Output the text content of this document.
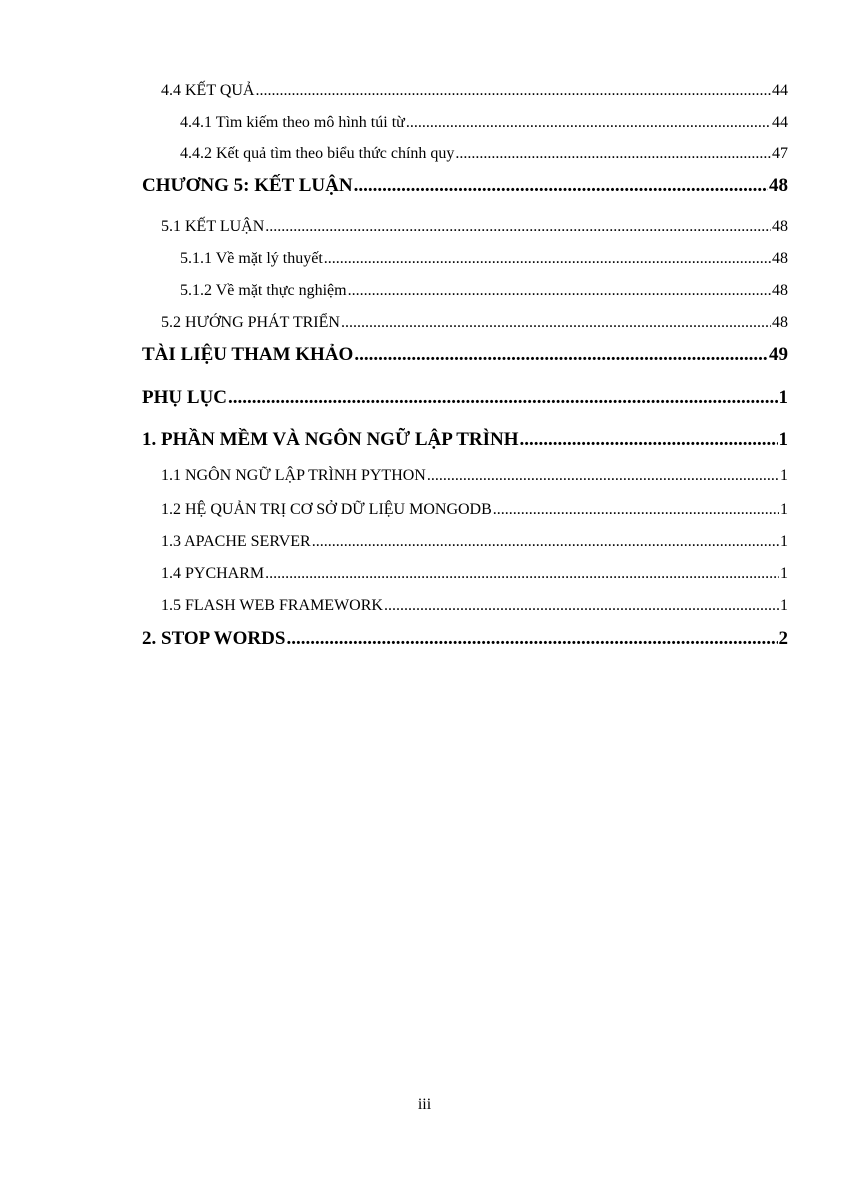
4.4 KẾT QUẢ .....	44
4.4.1 Tìm kiếm theo mô hình túi từ .....	44
4.4.2 Kết quả tìm theo biểu thức chính quy .....	47
CHƯƠNG 5: KẾT LUẬN .....	48
5.1 KẾT LUẬN .....	48
5.1.1 Về mặt lý thuyết .....	48
5.1.2 Về mặt thực nghiệm .....	48
5.2 HƯỚNG PHÁT TRIỂN .....	48
TÀI LIỆU THAM KHẢO .....	49
PHỤ LỤC .....	1
1. PHẦN MỀM VÀ NGÔN NGỮ LẬP TRÌNH .....	1
1.1 NGÔN NGỮ LẬP TRÌNH PYTHON .....	1
1.2 HỆ QUẢN TRỊ CƠ SỞ DỮ LIỆU MONGODB .....	1
1.3 APACHE SERVER .....	1
1.4 PYCHARM .....	1
1.5 FLASH WEB FRAMEWORK .....	1
2. STOP WORDS .....	2
iii
